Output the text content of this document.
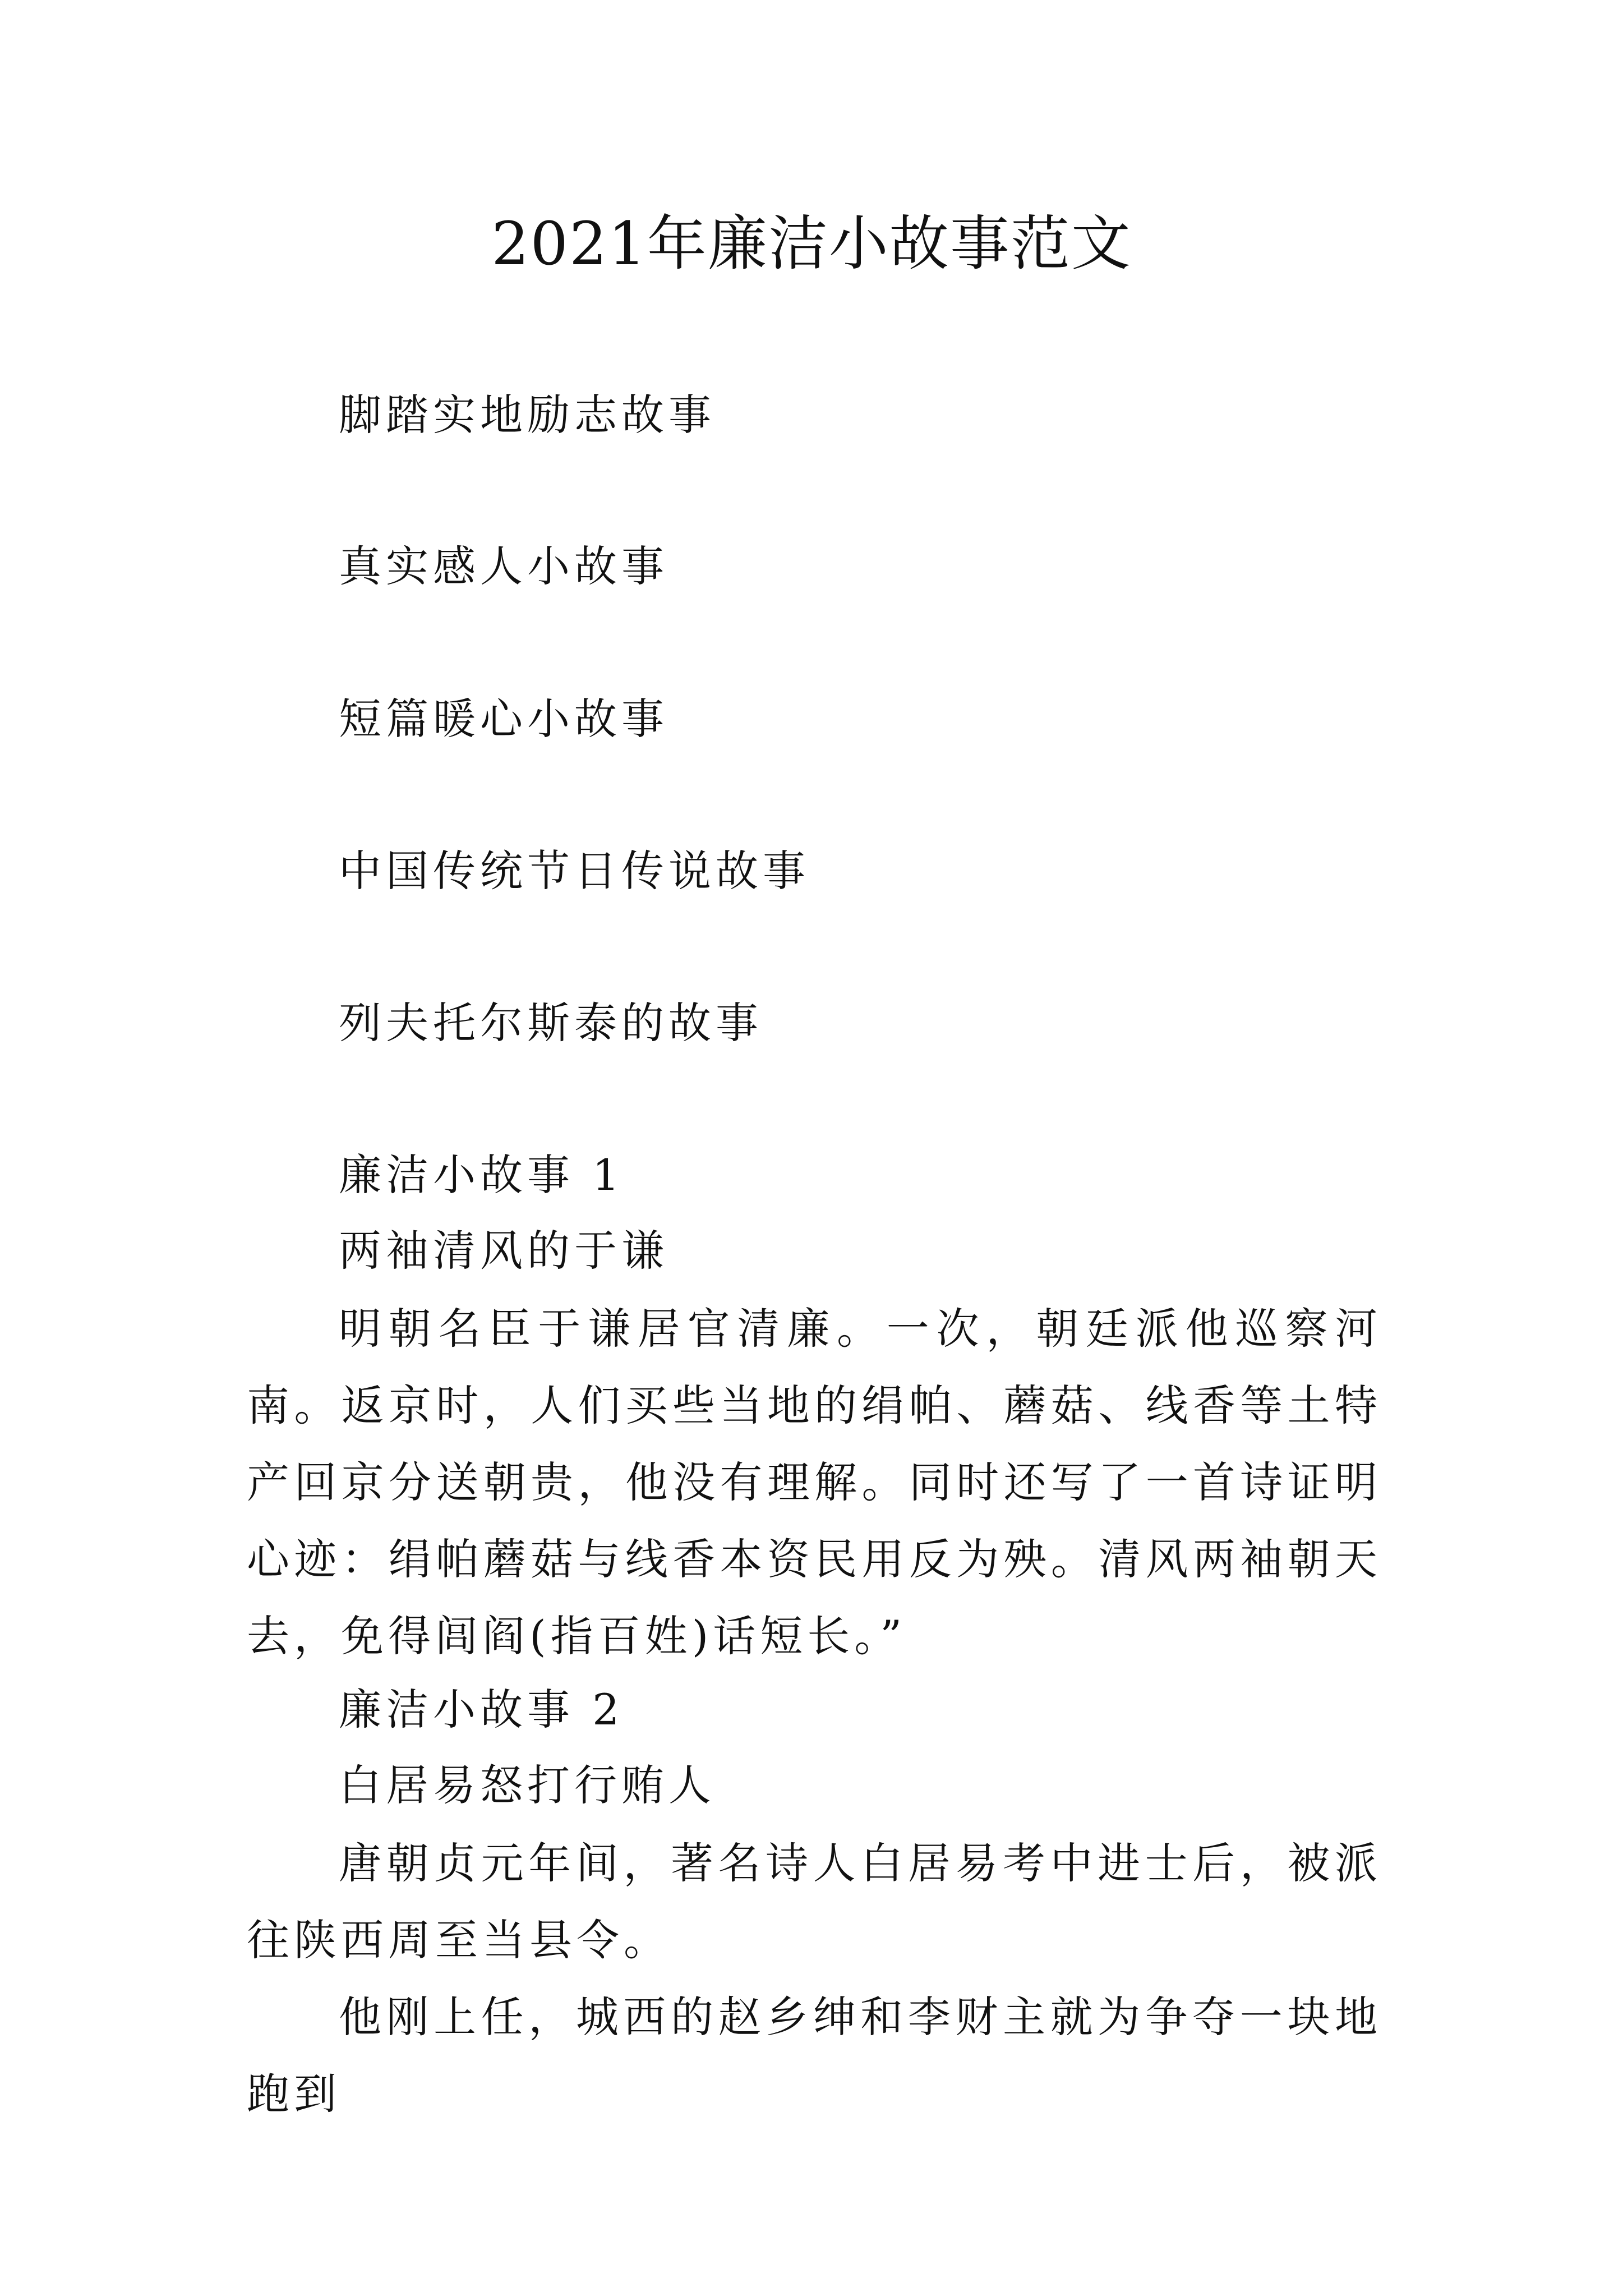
2021年廉洁小故事范文
脚踏实地励志故事
真实感人小故事
短篇暖心小故事
中国传统节日传说故事
列夫托尔斯泰的故事
廉洁小故事 1
两袖清风的于谦
明朝名臣于谦居官清廉。一次，朝廷派他巡察河南。返京时，人们买些当地的绢帕、蘑菇、线香等土特产回京分送朝贵，他没有理解。同时还写了一首诗证明心迹：绢帕蘑菇与线香本资民用反为殃。清风两袖朝天去，免得闾阎(指百姓)话短长。”
廉洁小故事 2
白居易怒打行贿人
唐朝贞元年间，著名诗人白居易考中进士后，被派往陕西周至当县令。
他刚上任，城西的赵乡绅和李财主就为争夺一块地跑到
